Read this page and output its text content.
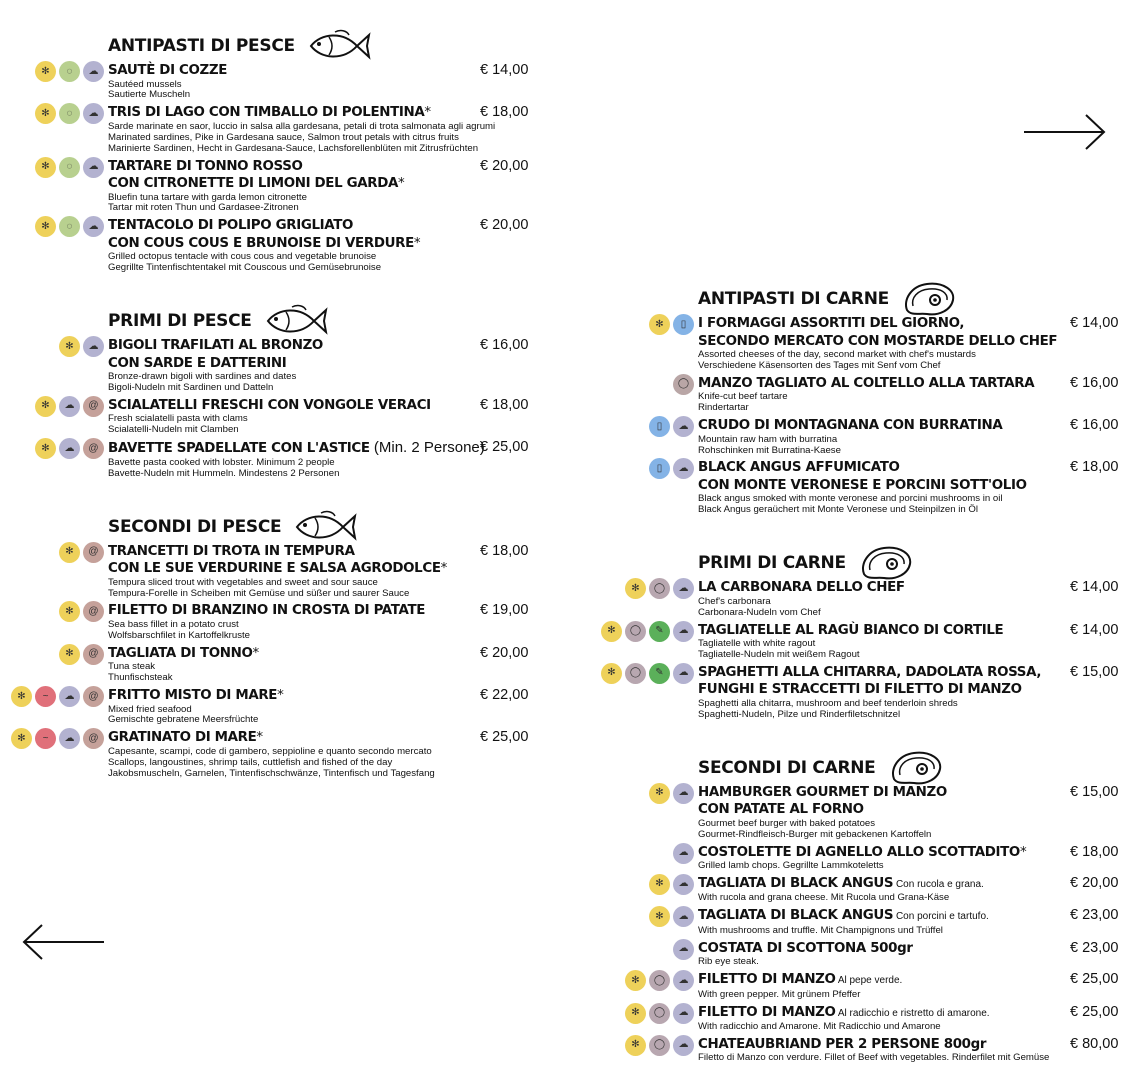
ANTIPASTI DI PESCE
☁
◌
✻	SAUTÈ DI COZZE
Sautéed mussels
Sautierte Muscheln
€ 14,00
☁
◌
✻	TRIS DI LAGO CON TIMBALLO DI POLENTINA*
Sarde marinate en saor, luccio in salsa alla gardesana, petali di trota salmonata agli agrumi
Marinated sardines, Pike in Gardesana sauce, Salmon trout petals with citrus fruits
Marinierte Sardinen, Hecht in Gardesana-Sauce, Lachsforellenblüten mit Zitrusfrüchten
€ 18,00
☁
◌
✻	TARTARE DI TONNO ROSSO
CON CITRONETTE DI LIMONI DEL GARDA*
Bluefin tuna tartare with garda lemon citronette
Tartar mit roten Thun und Gardasee-Zitronen
€ 20,00
☁
◌
✻	TENTACOLO DI POLIPO GRIGLIATO
CON COUS COUS E BRUNOISE DI VERDURE*
Grilled octopus tentacle with cous cous and vegetable brunoise
Gegrillte Tintenfischtentakel mit Couscous und Gemüsebrunoise
€ 20,00
PRIMI DI PESCE
☁
✻	BIGOLI TRAFILATI AL BRONZO
CON SARDE E DATTERINI
Bronze-drawn bigoli with sardines and dates
Bigoli-Nudeln mit Sardinen und Datteln
€ 16,00
@
☁
✻	SCIALATELLI FRESCHI CON VONGOLE VERACI
Fresh scialatelli pasta with clams
Scialatelli-Nudeln mit Clamben
€ 18,00
@
☁
✻	BAVETTE SPADELLATE CON L'ASTICE (Min. 2 Persone)
Bavette pasta cooked with lobster. Minimum 2 people
Bavette-Nudeln mit Hummeln. Mindestens 2 Personen
€ 25,00
SECONDI DI PESCE
@
✻	TRANCETTI DI TROTA IN TEMPURA
CON LE SUE VERDURINE E SALSA AGRODOLCE*
Tempura sliced trout with vegetables and sweet and sour sauce
Tempura-Forelle in Scheiben mit Gemüse und süßer und saurer Sauce
€ 18,00
@
✻	FILETTO DI BRANZINO IN CROSTA DI PATATE
Sea bass fillet in a potato crust
Wolfsbarschfilet in Kartoffelkruste
€ 19,00
@
✻	TAGLIATA DI TONNO*
Tuna steak
Thunfischsteak
€ 20,00
@
☁
~
✻	FRITTO MISTO DI MARE*
Mixed fried seafood
Gemischte gebratene Meersfrüchte
€ 22,00
@
☁
~
✻	GRATINATO DI MARE*
Capesante, scampi, code di gambero, seppioline e quanto secondo mercato
Scallops, langoustines, shrimp tails, cuttlefish and fished of the day
Jakobsmuscheln, Garnelen, Tintenfischschwänze, Tintenfisch und Tagesfang
€ 25,00
ANTIPASTI DI CARNE
▯
✻	I FORMAGGI ASSORTITI DEL GIORNO,
SECONDO MERCATO CON MOSTARDE DELLO CHEF
Assorted cheeses of the day, second market with chef's mustards
Verschiedene Käsensorten des Tages mit Senf vom Chef
€ 14,00
◯ MANZO TAGLIATO AL COLTELLO ALLA TARTARA
Knife-cut beef tartare
Rindertartar
€ 16,00
☁
▯	CRUDO DI MONTAGNANA CON BURRATINA
Mountain raw ham with burratina
Rohschinken mit Burratina-Kaese
€ 16,00
☁
▯	BLACK ANGUS AFFUMICATO
CON MONTE VERONESE E PORCINI SOTT'OLIO
Black angus smoked with monte veronese and porcini mushrooms in oil
Black Angus geraüchert mit Monte Veronese und Steinpilzen in Öl
€ 18,00
PRIMI DI CARNE
☁
◯
✻	LA CARBONARA DELLO CHEF
Chef's carbonara
Carbonara-Nudeln vom Chef
€ 14,00
☁
✎
◯
✻	TAGLIATELLE AL RAGÙ BIANCO DI CORTILE
Tagliatelle with white ragout
Tagliatelle-Nudeln mit weißem Ragout
€ 14,00
☁
✎
◯
✻	SPAGHETTI ALLA CHITARRA, DADOLATA ROSSA,
FUNGHI E STRACCETTI DI FILETTO DI MANZO
Spaghetti alla chitarra, mushroom and beef tenderloin shreds
Spaghetti-Nudeln, Pilze und Rinderfiletschnitzel
€ 15,00
SECONDI DI CARNE
☁
✻	HAMBURGER GOURMET DI MANZO
CON PATATE AL FORNO
Gourmet beef burger with baked potatoes
Gourmet-Rindfleisch-Burger mit gebackenen Kartoffeln
€ 15,00
☁ COSTOLETTE DI AGNELLO ALLO SCOTTADITO*
Grilled lamb chops. Gegrillte Lammkoteletts
€ 18,00
☁
✻	TAGLIATA DI BLACK ANGUS Con rucola e grana.
With rucola and grana cheese. Mit Rucola und Grana-Käse
€ 20,00
☁
✻	TAGLIATA DI BLACK ANGUS Con porcini e tartufo.
With mushrooms and truffle. Mit Champignons und Trüffel
€ 23,00
☁ COSTATA DI SCOTTONA 500gr
Rib eye steak.
€ 23,00
☁
◯
✻	FILETTO DI MANZO Al pepe verde.
With green pepper. Mit grünem Pfeffer
€ 25,00
☁
◯
✻	FILETTO DI MANZO Al radicchio e ristretto di amarone.
With radicchio and Amarone. Mit Radicchio und Amarone
€ 25,00
☁
◯
✻	CHATEAUBRIAND PER 2 PERSONE 800gr
Filetto di Manzo con verdure. Fillet of Beef with vegetables. Rinderfilet mit Gemüse
€ 80,00
